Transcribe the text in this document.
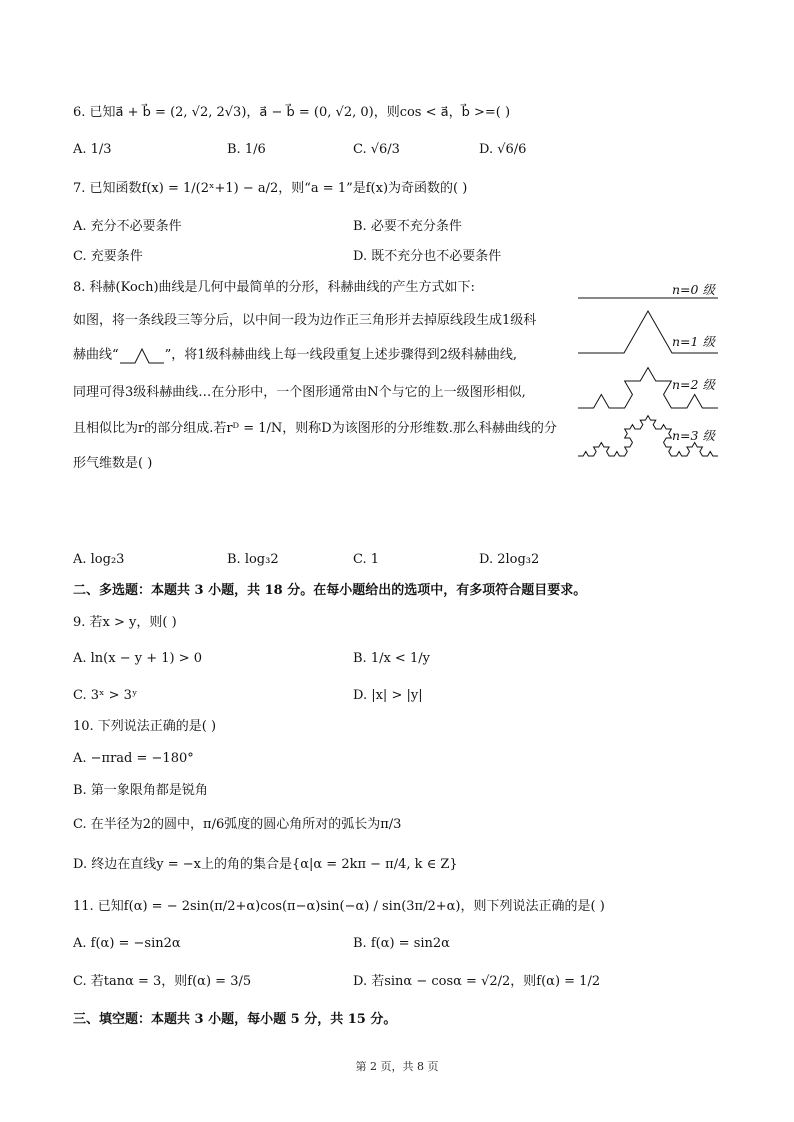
6. 已知a⃗ + b⃗ = (2, √2, 2√3)，a⃗ − b⃗ = (0, √2, 0)，则cos < a⃗，b⃗ >=( )
A. 1/3	B. 1/6	C. √6/3	D. √6/6
7. 已知函数f(x) = 1/(2ˣ+1) − a/2，则“a = 1”是f(x)为奇函数的( )
A. 充分不必要条件	B. 必要不充分条件
C. 充要条件	D. 既不充分也不必要条件
8. 科赫(Koch)曲线是几何中最简单的分形，科赫曲线的产生方式如下:
如图，将一条线段三等分后，以中间一段为边作正三角形并去掉原线段生成1级科
赫曲线“	”，将1级科赫曲线上每一线段重复上述步骤得到2级科赫曲线,
同理可得3级科赫曲线…在分形中，一个图形通常由N个与它的上一级图形相似,
且相似比为r的部分组成.若rᴰ = 1/N，则称D为该图形的分形维数.那么科赫曲线的分
形气维数是( )
n=0 级
n=1 级
n=2 级
n=3 级
A. log₂3	B. log₃2	C. 1	D. 2log₃2
二、多选题：本题共 3 小题，共 18 分。在每小题给出的选项中，有多项符合题目要求。
9. 若x > y，则( )
A. ln(x − y + 1) > 0	B. 1/x < 1/y
C. 3ˣ > 3ʸ	D. |x| > |y|
10. 下列说法正确的是( )
A. −πrad = −180°
B. 第一象限角都是锐角
C. 在半径为2的圆中，π/6弧度的圆心角所对的弧长为π/3
D. 终边在直线y = −x上的角的集合是{α|α = 2kπ − π/4, k ∈ Z}
11. 已知f(α) = − 2sin(π/2+α)cos(π−α)sin(−α) / sin(3π/2+α)，则下列说法正确的是( )
A. f(α) = −sin2α	B. f(α) = sin2α
C. 若tanα = 3，则f(α) = 3/5	D. 若sinα − cosα = √2/2，则f(α) = 1/2
三、填空题：本题共 3 小题，每小题 5 分，共 15 分。
第 2 页，共 8 页
